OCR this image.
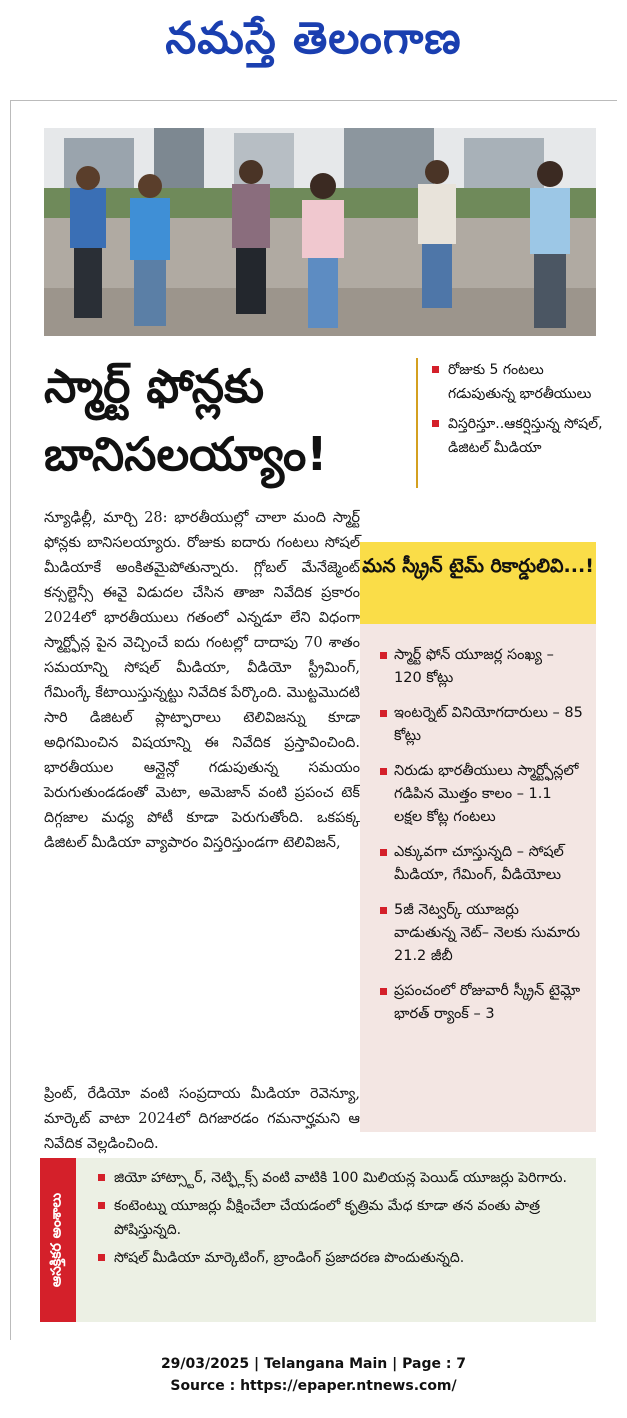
నమస్తే తెలంగాణ
స్మార్ట్ ఫోన్లకు
బానిసలయ్యాం!
రోజుకు 5 గంటలు గడుపుతున్న భారతీయులు
విస్తరిస్తూ..ఆకర్షిస్తున్న సోషల్, డిజిటల్ మీడియా
న్యూఢిల్లీ, మార్చి 28: భారతీయుల్లో చాలా మంది స్మార్ట్ ఫోన్లకు బానిసలయ్యారు. రోజుకు ఐదారు గంటలు సోషల్ మీడియాకే అంకితమైపోతున్నారు. గ్లోబల్ మేనేజ్మెంట్ కన్సల్టెన్సీ ఈవై విడుదల చేసిన తాజా నివేదిక ప్రకారం 2024లో భారతీయులు గతంలో ఎన్నడూ లేని విధంగా స్మార్ట్ఫోన్ల పైన వెచ్చించే ఐదు గంటల్లో దాదాపు 70 శాతం సమయాన్ని సోషల్ మీడియా, వీడియో స్ట్రీమింగ్, గేమింగ్కే కేటాయిస్తున్నట్టు నివేదిక పేర్కొంది. మొట్టమొదటి సారి డిజిటల్ ప్లాట్ఫారాలు టెలివిజన్ను కూడా అధిగమించిన విషయాన్ని ఈ నివేదిక ప్రస్తావించింది. భారతీయుల ఆన్లైన్లో గడుపుతున్న సమయం పెరుగుతుండడంతో మెటా, అమెజాన్ వంటి ప్రపంచ టెక్ దిగ్గజాల మధ్య పోటీ కూడా పెరుగుతోంది. ఒకపక్క డిజిటల్ మీడియా వ్యాపారం విస్తరిస్తుండగా టెలివిజన్,
ప్రింట్, రేడియో వంటి సంప్రదాయ మీడియా రెవెన్యూ, మార్కెట్ వాటా 2024లో దిగజారడం గమనార్హమని ఆ నివేదిక వెల్లడించింది.
మన స్క్రీన్ టైమ్ రికార్డులివి...!
స్మార్ట్ ఫోన్ యూజర్ల సంఖ్య – 120 కోట్లు
ఇంటర్నెట్ వినియోగదారులు – 85 కోట్లు
నిరుడు భారతీయులు స్మార్ట్ఫోన్లలో గడిపిన మొత్తం కాలం – 1.1 లక్షల కోట్ల గంటలు
ఎక్కువగా చూస్తున్నది – సోషల్ మీడియా, గేమింగ్, వీడియోలు
5జీ నెట్వర్క్ యూజర్లు వాడుతున్న నెట్– నెలకు సుమారు 21.2 జీబీ
ప్రపంచంలో రోజువారీ స్క్రీన్ టైమ్లో భారత్ ర్యాంక్ – 3
ఆసక్తికర అంశాలు
జియో హాట్స్టార్, నెట్ఫ్లిక్స్ వంటి వాటికి 100 మిలియన్ల పెయిడ్ యూజర్లు పెరిగారు.
కంటెంట్ను యూజర్లు వీక్షించేలా చేయడంలో కృత్రిమ మేధ కూడా తన వంతు పాత్ర పోషిస్తున్నది.
సోషల్ మీడియా మార్కెటింగ్, బ్రాండింగ్ ప్రజాదరణ పొందుతున్నది.
29/03/2025 | Telangana Main | Page : 7
Source : https://epaper.ntnews.com/
